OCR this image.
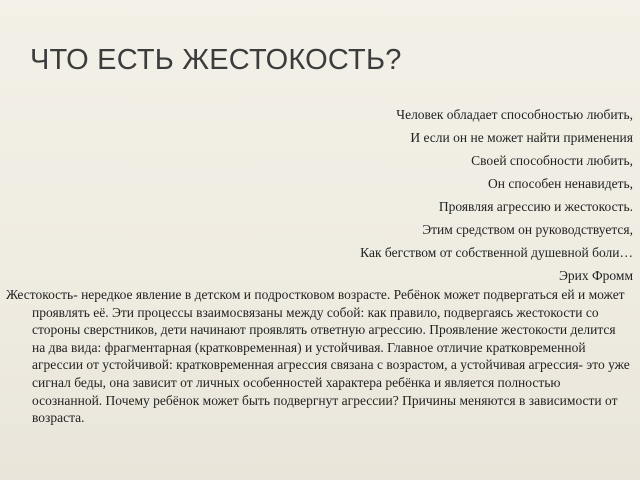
ЧТО ЕСТЬ ЖЕСТОКОСТЬ?
Человек обладает способностью любить,
И если он не может найти применения
Своей способности любить,
Он способен ненавидеть,
Проявляя агрессию и жестокость.
Этим средством он руководствуется,
Как бегством от собственной душевной боли…
Эрих Фромм
Жестокость- нередкое явление в детском и подростковом возрасте. Ребёнок может подвергаться ей и может проявлять её. Эти процессы взаимосвязаны между собой: как правило, подвергаясь жестокости со стороны сверстников, дети начинают проявлять ответную агрессию. Проявление жестокости делится на два вида: фрагментарная (кратковременная) и устойчивая. Главное отличие кратковременной агрессии от устойчивой: кратковременная агрессия связана с возрастом, а устойчивая агрессия- это уже сигнал беды, она зависит от личных особенностей характера ребёнка и является полностью осознанной. Почему ребёнок может быть подвергнут агрессии? Причины меняются в зависимости от возраста.
